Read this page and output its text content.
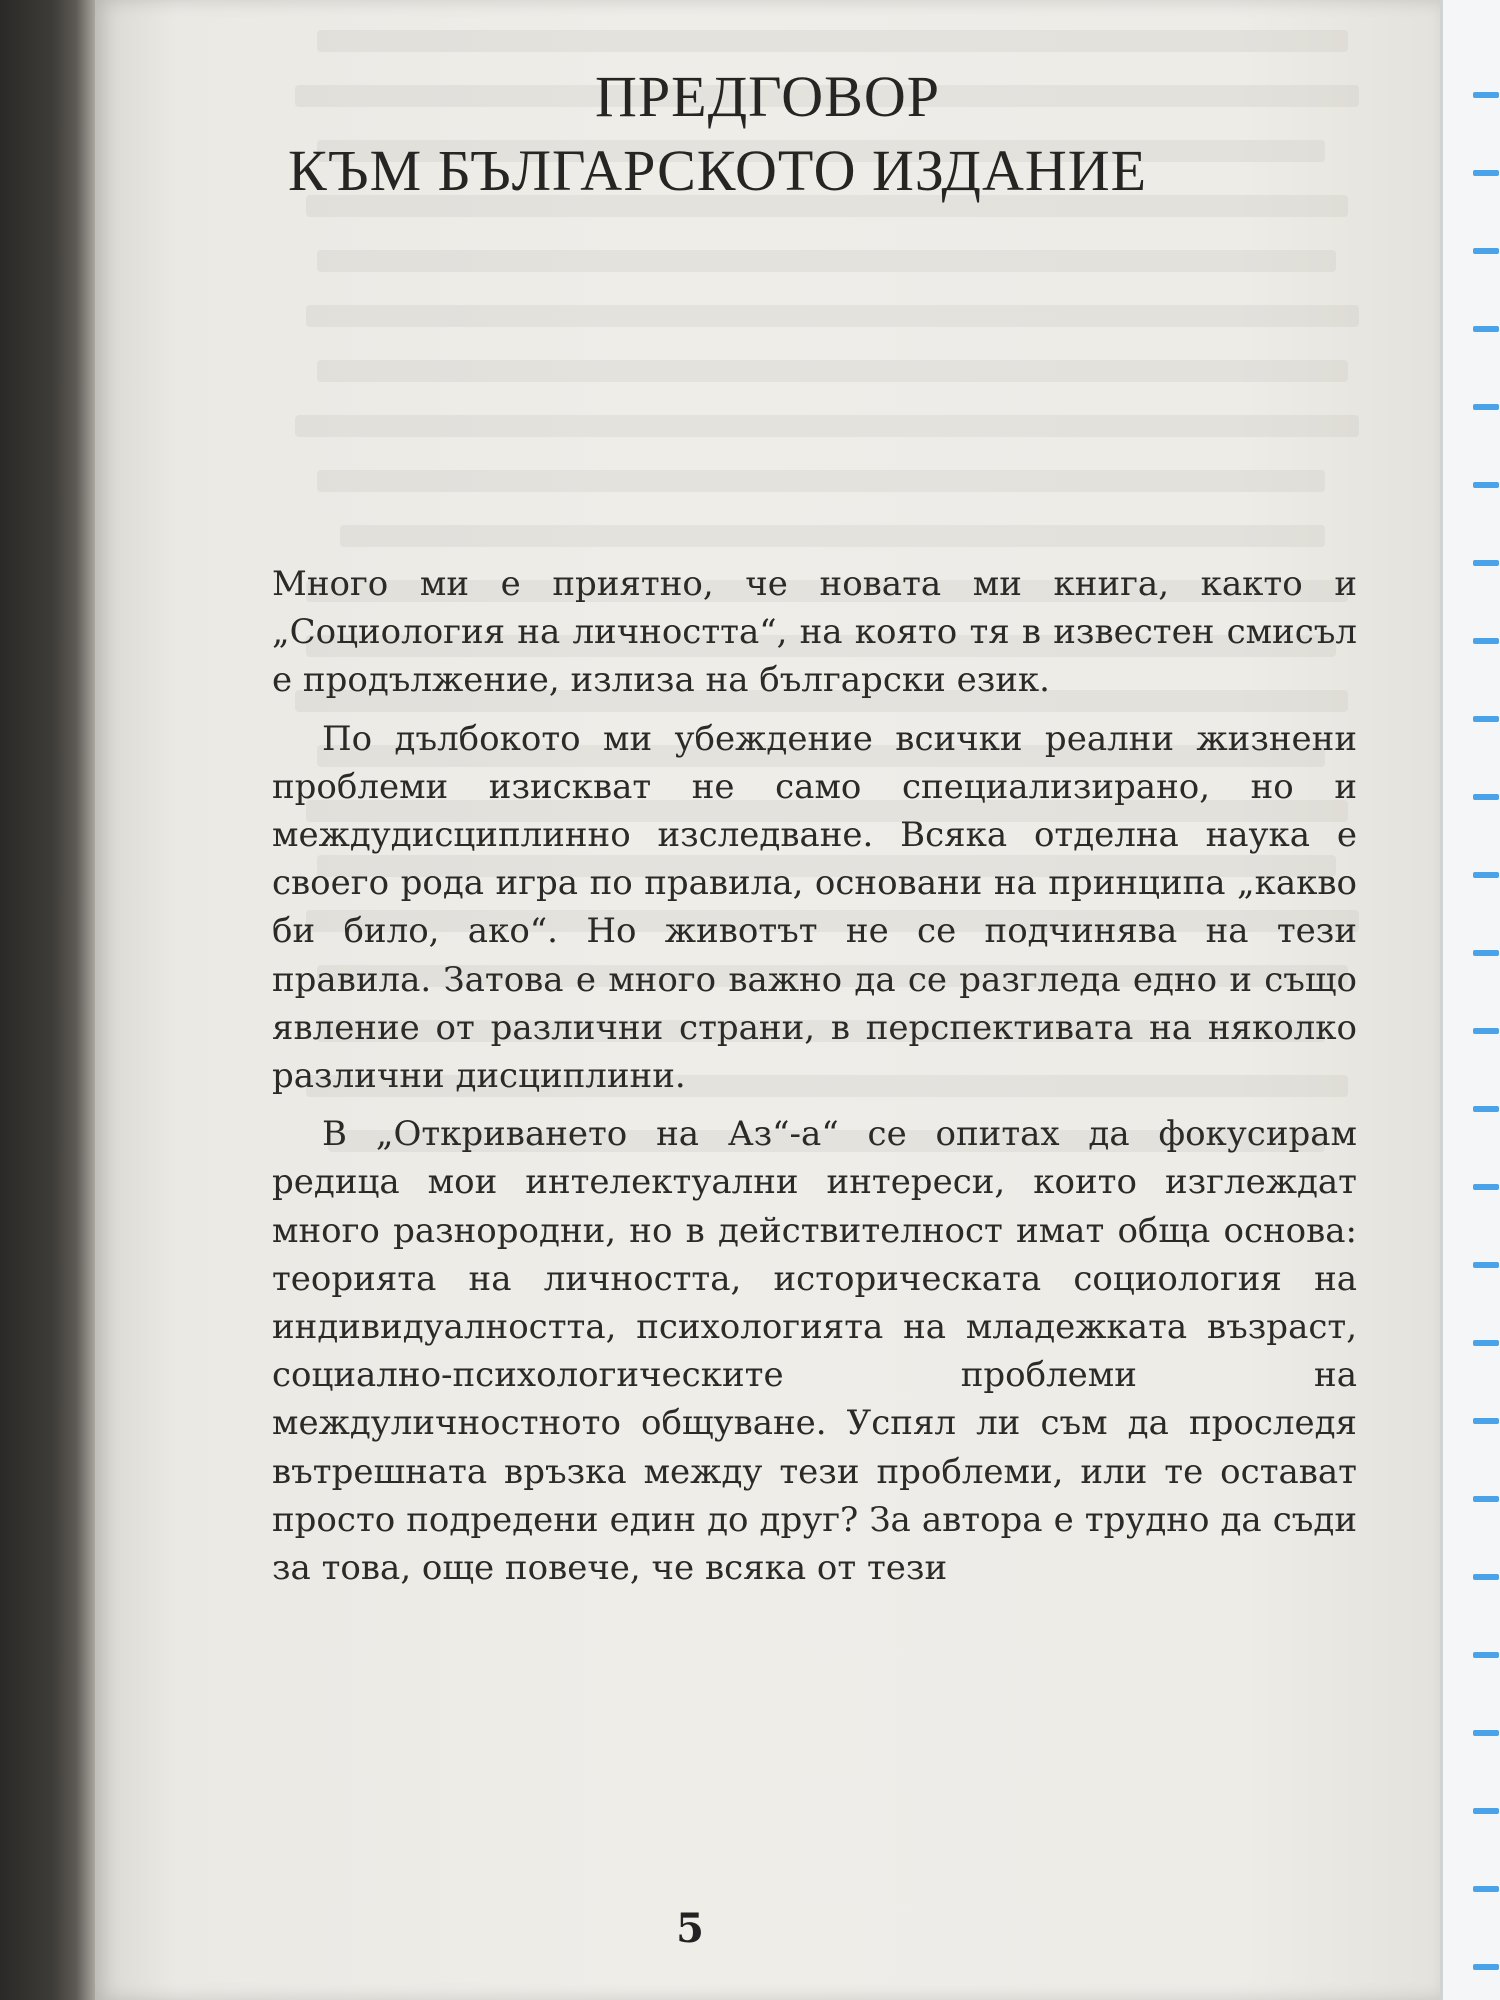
ПРЕДГОВОР
КЪМ БЪЛГАРСКОТО ИЗДАНИЕ

Много ми е приятно, че новата ми книга, както и „Социология на личността“, на която тя в известен смисъл е продължение, излиза на български език.

По дълбокото ми убеждение всички реални жизнени проблеми изискват не само специализирано, но и междудисциплинно изследване. Всяка отделна наука е своего рода игра по правила, основани на принципа „какво би било, ако“. Но животът не се подчинява на тези правила. Затова е много важно да се разгледа едно и също явление от различни страни, в перспективата на няколко различни дисциплини.

В „Откриването на Аз“-а“ се опитах да фокусирам редица мои интелектуални интереси, които изглеждат много разнородни, но в действителност имат обща основа: теорията на личността, историческата социология на индивидуалността, психологията на младежката възраст, социално-психологическите проблеми на междуличностното общуване. Успял ли съм да проследя вътрешната връзка между тези проблеми, или те остават просто подредени един до друг? За автора е трудно да съди за това, още повече, че всяка от тези

5
